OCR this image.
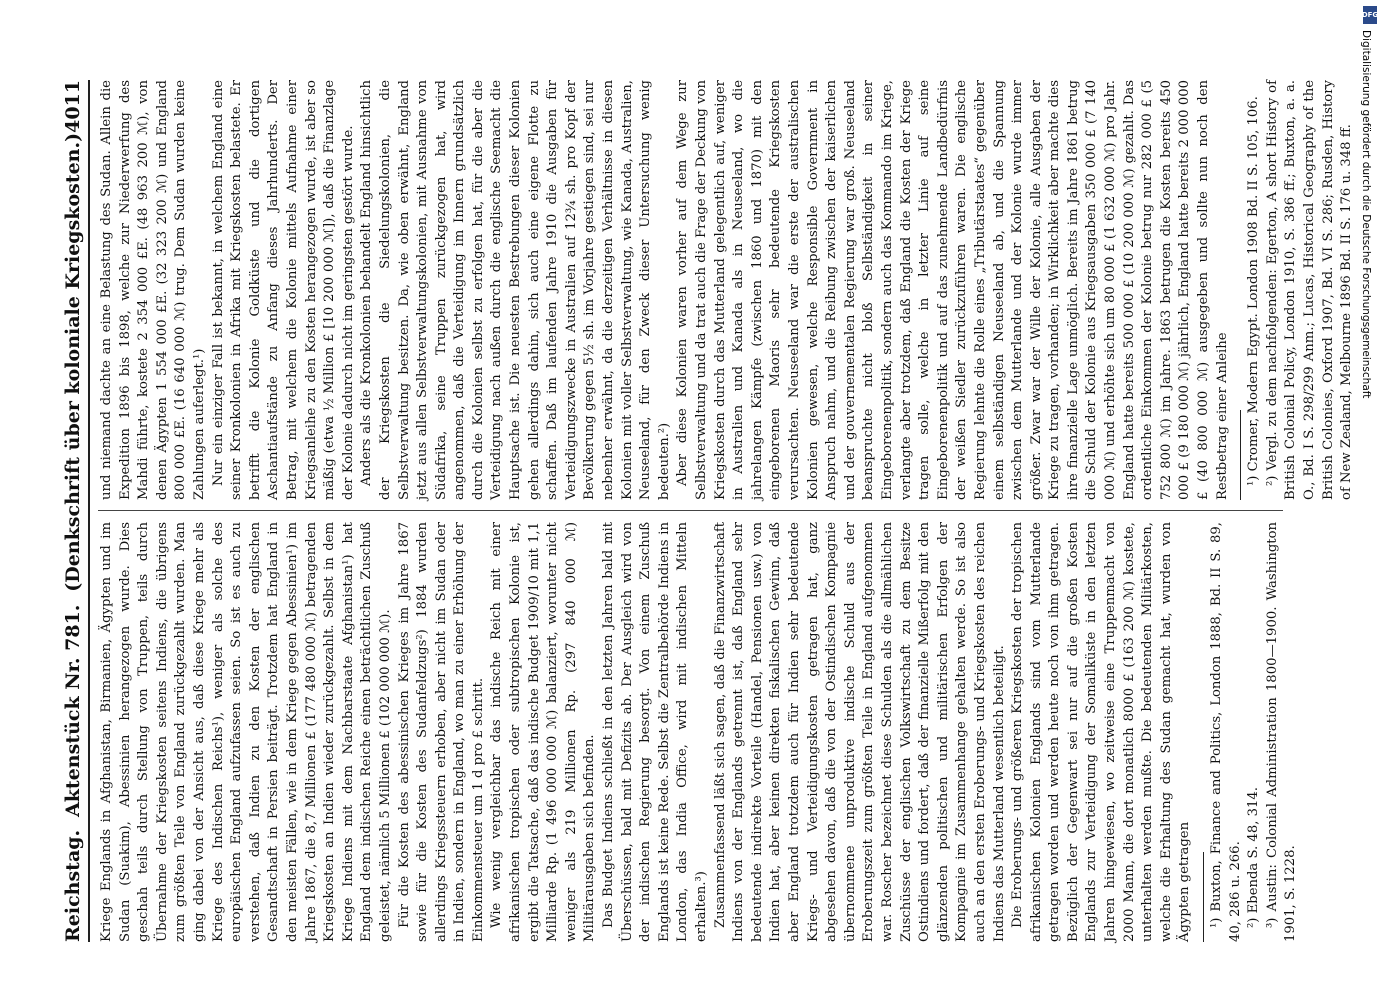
Reichstag.
Aktenstück Nr. 781.
(Denkschrift über koloniale Kriegskosten.)
4011

Kriege Englands in Afghanistan, Birmanien, Ägypten und im Sudan (Suakim), Abessinien herangezogen wurde. Dies geschah teils durch Stellung von Truppen, teils durch Übernahme der Kriegskosten seitens Indiens, die übrigens zum größten Teile von England zurückgezahlt wurden. Man ging dabei von der Ansicht aus, daß diese Kriege mehr als Kriege des Indischen Reichs¹), weniger als solche des europäischen England aufzufassen seien. So ist es auch zu verstehen, daß Indien zu den Kosten der englischen Gesandtschaft in Persien beiträgt. Trotzdem hat England in den meisten Fällen, wie in dem Kriege gegen Abessinien¹) im Jahre 1867, die 8,7 Millionen £ (177 480 000 ℳ) betragenden Kriegskosten an Indien wieder zurückgezahlt. Selbst in dem Kriege Indiens mit dem Nachbarstaate Afghanistan¹) hat England dem indischen Reiche einen beträchtlichen Zuschuß geleistet, nämlich 5 Millionen £ (102 000 000 ℳ). Für die Kosten des abessinischen Krieges im Jahre 1867 sowie für die Kosten des Sudanfeldzugs²) 1884 wurden allerdings Kriegssteuern erhoben, aber nicht im Sudan oder in Indien, sondern in England, wo man zu einer Erhöhung der Einkommensteuer um 1 d pro £ schritt. Wie wenig vergleichbar das indische Reich mit einer afrikanischen tropischen oder subtropischen Kolonie ist, ergibt die Tatsache, daß das indische Budget 1909/10 mit 1,1 Milliarde Rp. (1 496 000 000 ℳ) balanziert, worunter nicht weniger als 219 Millionen Rp. (297 840 000 ℳ) Militärausgaben sich befinden. Das Budget Indiens schließt in den letzten Jahren bald mit Überschüssen, bald mit Defizits ab. Der Ausgleich wird von der indischen Regierung besorgt. Von einem Zuschuß Englands ist keine Rede. Selbst die Zentralbehörde Indiens in London, das India Office, wird mit indischen Mitteln erhalten.³) Zusammenfassend läßt sich sagen, daß die Finanzwirtschaft Indiens von der Englands getrennt ist, daß England sehr bedeutende indirekte Vorteile (Handel, Pensionen usw.) von Indien hat, aber keinen direkten fiskalischen Gewinn, daß aber England trotzdem auch für Indien sehr bedeutende Kriegs- und Verteidigungskosten getragen hat, ganz abgesehen davon, daß die von der Ostindischen Kompagnie übernommene unproduktive indische Schuld aus der Eroberungszeit zum größten Teile in England aufgenommen war. Roscher bezeichnet diese Schulden als die allmählichen Zuschüsse der englischen Volkswirtschaft zu dem Besitze Ostindiens und fordert, daß der finanzielle Mißerfolg mit den glänzenden politischen und militärischen Erfolgen der Kompagnie im Zusammenhange gehalten werde. So ist also auch an den ersten Eroberungs- und Kriegskosten des reichen Indiens das Mutterland wesentlich beteiligt. Die Eroberungs- und größeren Kriegskosten der tropischen afrikanischen Kolonien Englands sind vom Mutterlande getragen worden und werden heute noch von ihm getragen. Bezüglich der Gegenwart sei nur auf die großen Kosten Englands zur Verteidigung der Somaliküste in den letzten Jahren hingewiesen, wo zeitweise eine Truppenmacht von 2000 Mann, die dort monatlich 8000 £ (163 200 ℳ) kostete, unterhalten werden mußte. Die bedeutenden Militärkosten, welche die Erhaltung des Sudan gemacht hat, wurden von Ägypten getragen ¹) Buxton, Finance and Politics, London 1888, Bd. II S. 89, 40, 286 u. 266. ²) Ebenda S. 48, 314. ³) Austin: Colonial Administration 1800—1900. Washington 1901, S. 1228.

und niemand dachte an eine Belastung des Sudan. Allein die Expedition 1896 bis 1898, welche zur Niederwerfung des Mahdi führte, kostete 2 354 000 £E. (48 963 200 ℳ), von denen Ägypten 1 554 000 £E. (32 323 200 ℳ) und England 800 000 £E. (16 640 000 ℳ) trug. Dem Sudan wurden keine Zahlungen auferlegt.¹) Nur ein einziger Fall ist bekannt, in welchem England eine seiner Kronkolonien in Afrika mit Kriegskosten belastete. Er betrifft die Kolonie Goldküste und die dortigen Aschantiaufstände zu Anfang dieses Jahrhunderts. Der Betrag, mit welchem die Kolonie mittels Aufnahme einer Kriegsanleihe zu den Kosten herangezogen wurde, ist aber so mäßig (etwa ½ Million £ [10 200 000 ℳ]), daß die Finanzlage der Kolonie dadurch nicht im geringsten gestört wurde. Anders als die Kronkolonien behandelt England hinsichtlich der Kriegskosten die Siedelungskolonien, die Selbstverwaltung besitzen. Da, wie oben erwähnt, England jetzt aus allen Selbstverwaltungskolonien, mit Ausnahme von Südafrika, seine Truppen zurückgezogen hat, wird angenommen, daß die Verteidigung im Innern grundsätzlich durch die Kolonien selbst zu erfolgen hat, für die aber die Verteidigung nach außen durch die englische Seemacht die Hauptsache ist. Die neuesten Bestrebungen dieser Kolonien gehen allerdings dahin, sich auch eine eigene Flotte zu schaffen. Daß im laufenden Jahre 1910 die Ausgaben für Verteidigungszwecke in Australien auf 12¾ sh. pro Kopf der Bevölkerung gegen 5½ sh. im Vorjahre gestiegen sind, sei nur nebenher erwähnt, da die derzeitigen Verhältnisse in diesen Kolonien mit voller Selbstverwaltung, wie Kanada, Australien, Neuseeland, für den Zweck dieser Untersuchung wenig bedeuten.²) Aber diese Kolonien waren vorher auf dem Wege zur Selbstverwaltung und da trat auch die Frage der Deckung von Kriegskosten durch das Mutterland gelegentlich auf, weniger in Australien und Kanada als in Neuseeland, wo die jahrelangen Kämpfe (zwischen 1860 und 1870) mit den eingeborenen Maoris sehr bedeutende Kriegskosten verursachten. Neuseeland war die erste der australischen Kolonien gewesen, welche Responsible Government in Anspruch nahm, und die Reibung zwischen der kaiserlichen und der gouvernementalen Regierung war groß. Neuseeland beanspruchte nicht bloß Selbständigkeit in seiner Eingeborenenpolitik, sondern auch das Kommando im Kriege, verlangte aber trotzdem, daß England die Kosten der Kriege tragen solle, welche in letzter Linie auf seine Eingeborenenpolitik und auf das zunehmende Landbedürfnis der weißen Siedler zurückzuführen waren. Die englische Regierung lehnte die Rolle eines „Tributärstaates“ gegenüber einem selbständigen Neuseeland ab, und die Spannung zwischen dem Mutterlande und der Kolonie wurde immer größer. Zwar war der Wille der Kolonie, alle Ausgaben der Kriege zu tragen, vorhanden; in Wirklichkeit aber machte dies ihre finanzielle Lage unmöglich. Bereits im Jahre 1861 betrug die Schuld der Kolonie aus Kriegsausgaben 350 000 £ (7 140 000 ℳ) und erhöhte sich um 80 000 £ (1 632 000 ℳ) pro Jahr. England hatte bereits 500 000 £ (10 200 000 ℳ) gezahlt. Das ordentliche Einkommen der Kolonie betrug nur 282 000 £ (5 752 800 ℳ) im Jahre. 1863 betrugen die Kosten bereits 450 000 £ (9 180 000 ℳ) jährlich, England hatte bereits 2 000 000 £ (40 800 000 ℳ) ausgegeben und sollte nun noch den Restbetrag einer Anleihe ¹) Cromer, Modern Egypt. London 1908 Bd. II S. 105, 106. ²) Vergl. zu dem nachfolgenden: Egerton, A short History of British Colonial Policy, London 1910, S. 386 ff.; Buxton, a. a. O., Bd. I S. 298/299 Anm.; Lucas, Historical Geography of the British Colonies, Oxford 1907, Bd. VI S. 286; Rusden, History of New Zealand, Melbourne 1896 Bd. II S. 176 u. 348 ff.

DFG
Digitalisierung gefördert durch die Deutsche Forschungsgemeinschaft
